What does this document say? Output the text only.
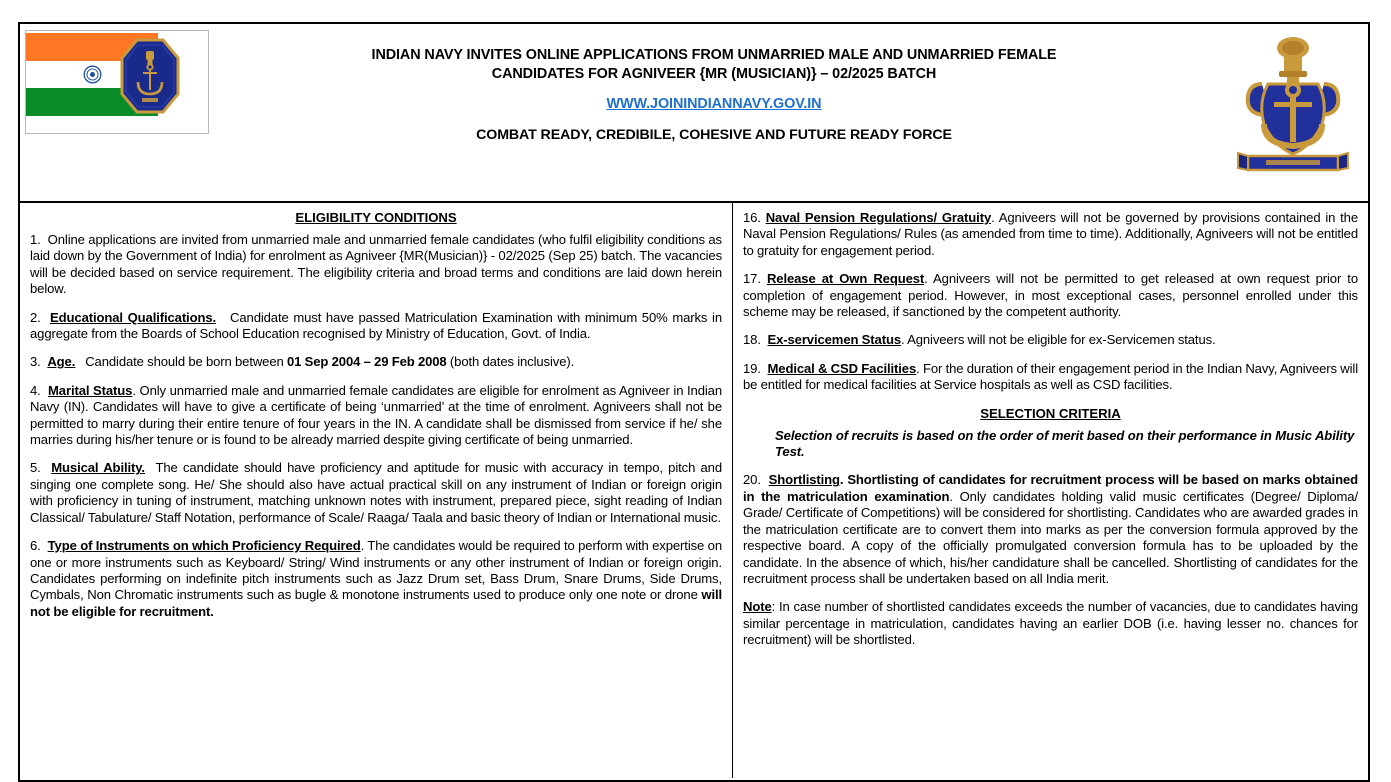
INDIAN NAVY INVITES ONLINE APPLICATIONS FROM UNMARRIED MALE AND UNMARRIED FEMALE
CANDIDATES FOR AGNIVEER {MR (MUSICIAN)} – 02/2025 BATCH
WWW.JOININDIANNAVY.GOV.IN
COMBAT READY, CREDIBILE, COHESIVE AND FUTURE READY FORCE
ELIGIBILITY CONDITIONS

1. Online applications are invited from unmarried male and unmarried female candidates (who fulfil eligibility conditions as laid down by the Government of India) for enrolment as Agniveer {MR(Musician)} - 02/2025 (Sep 25) batch. The vacancies will be decided based on service requirement. The eligibility criteria and broad terms and conditions are laid down herein below.

2. Educational Qualifications. Candidate must have passed Matriculation Examination with minimum 50% marks in aggregate from the Boards of School Education recognised by Ministry of Education, Govt. of India.

3. Age. Candidate should be born between 01 Sep 2004 – 29 Feb 2008 (both dates inclusive).

4. Marital Status. Only unmarried male and unmarried female candidates are eligible for enrolment as Agniveer in Indian Navy (IN). Candidates will have to give a certificate of being ‘unmarried’ at the time of enrolment. Agniveers shall not be permitted to marry during their entire tenure of four years in the IN. A candidate shall be dismissed from service if he/ she marries during his/her tenure or is found to be already married despite giving certificate of being unmarried.

5. Musical Ability. The candidate should have proficiency and aptitude for music with accuracy in tempo, pitch and singing one complete song. He/ She should also have actual practical skill on any instrument of Indian or foreign origin with proficiency in tuning of instrument, matching unknown notes with instrument, prepared piece, sight reading of Indian Classical/ Tabulature/ Staff Notation, performance of Scale/ Raaga/ Taala and basic theory of Indian or International music.

6. Type of Instruments on which Proficiency Required. The candidates would be required to perform with expertise on one or more instruments such as Keyboard/ String/ Wind instruments or any other instrument of Indian or foreign origin. Candidates performing on indefinite pitch instruments such as Jazz Drum set, Bass Drum, Snare Drums, Side Drums, Cymbals, Non Chromatic instruments such as bugle & monotone instruments used to produce only one note or drone will not be eligible for recruitment.

16. Naval Pension Regulations/ Gratuity. Agniveers will not be governed by provisions contained in the Naval Pension Regulations/ Rules (as amended from time to time). Additionally, Agniveers will not be entitled to gratuity for engagement period.

17. Release at Own Request. Agniveers will not be permitted to get released at own request prior to completion of engagement period. However, in most exceptional cases, personnel enrolled under this scheme may be released, if sanctioned by the competent authority.

18. Ex-servicemen Status. Agniveers will not be eligible for ex-Servicemen status.

19. Medical & CSD Facilities. For the duration of their engagement period in the Indian Navy, Agniveers will be entitled for medical facilities at Service hospitals as well as CSD facilities.

SELECTION CRITERIA

Selection of recruits is based on the order of merit based on their performance in Music Ability Test.

20. Shortlisting. Shortlisting of candidates for recruitment process will be based on marks obtained in the matriculation examination. Only candidates holding valid music certificates (Degree/ Diploma/ Grade/ Certificate of Competitions) will be considered for shortlisting. Candidates who are awarded grades in the matriculation certificate are to convert them into marks as per the conversion formula approved by the respective board. A copy of the officially promulgated conversion formula has to be uploaded by the candidate. In the absence of which, his/her candidature shall be cancelled. Shortlisting of candidates for the recruitment process shall be undertaken based on all India merit.

Note: In case number of shortlisted candidates exceeds the number of vacancies, due to candidates having similar percentage in matriculation, candidates having an earlier DOB (i.e. having lesser no. chances for recruitment) will be shortlisted.
